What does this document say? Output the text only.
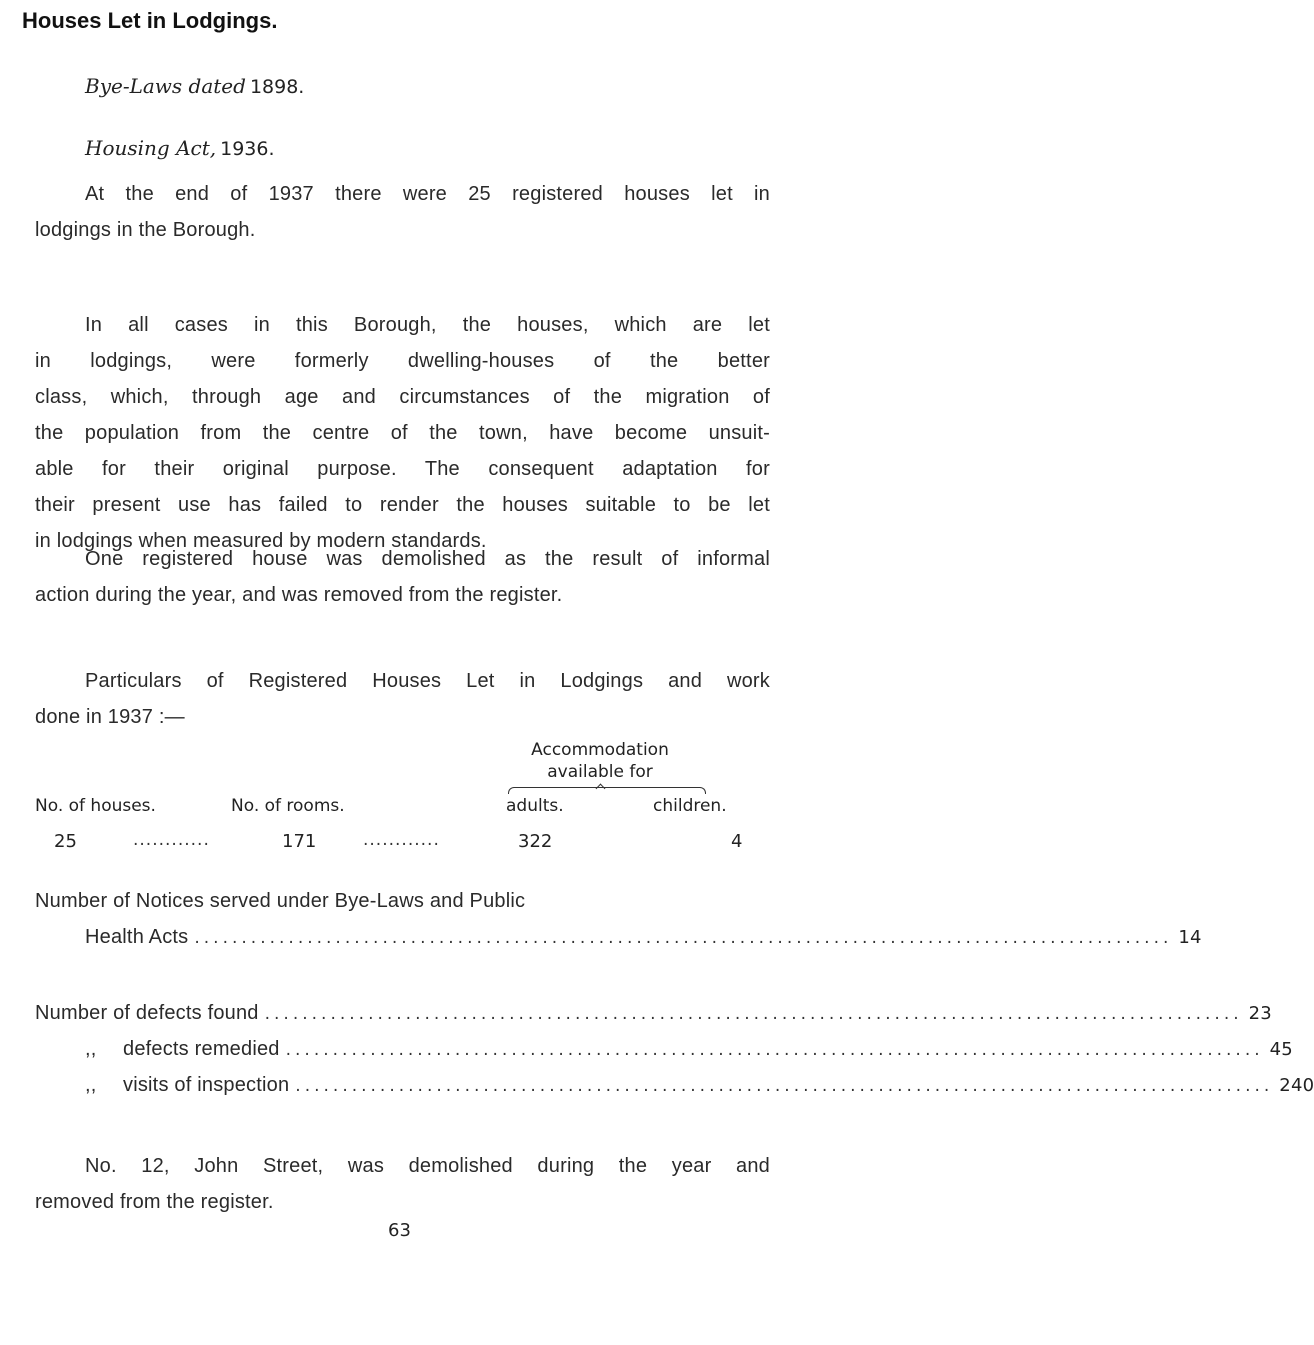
Houses Let in Lodgings.
Bye-Laws dated 1898.
Housing Act, 1936.
At the end of 1937 there were 25 registered houses let in
lodgings in the Borough.
In all cases in this Borough, the houses, which are let
in lodgings, were formerly dwelling-houses of the better
class, which, through age and circumstances of the migration of
the population from the centre of the town, have become unsuit-
able for their original purpose. The consequent adaptation for
their present use has failed to render the houses suitable to be let
in lodgings when measured by modern standards.
One registered house was demolished as the result of informal
action during the year, and was removed from the register.
Particulars of Registered Houses Let in Lodgings and work
done in 1937 :—
Accommodation
available for
No. of houses.	No. of rooms.	adults.	children.
25	............	171	............	322	4
Number of Notices served under Bye-Laws and Public
Health Acts ........................................................................................................ 14
Number of defects found ........................................................................................................ 23
,,	defects remedied ........................................................................................................ 45
,,	visits of inspection ........................................................................................................ 240
No. 12, John Street, was demolished during the year and
removed from the register.
63
